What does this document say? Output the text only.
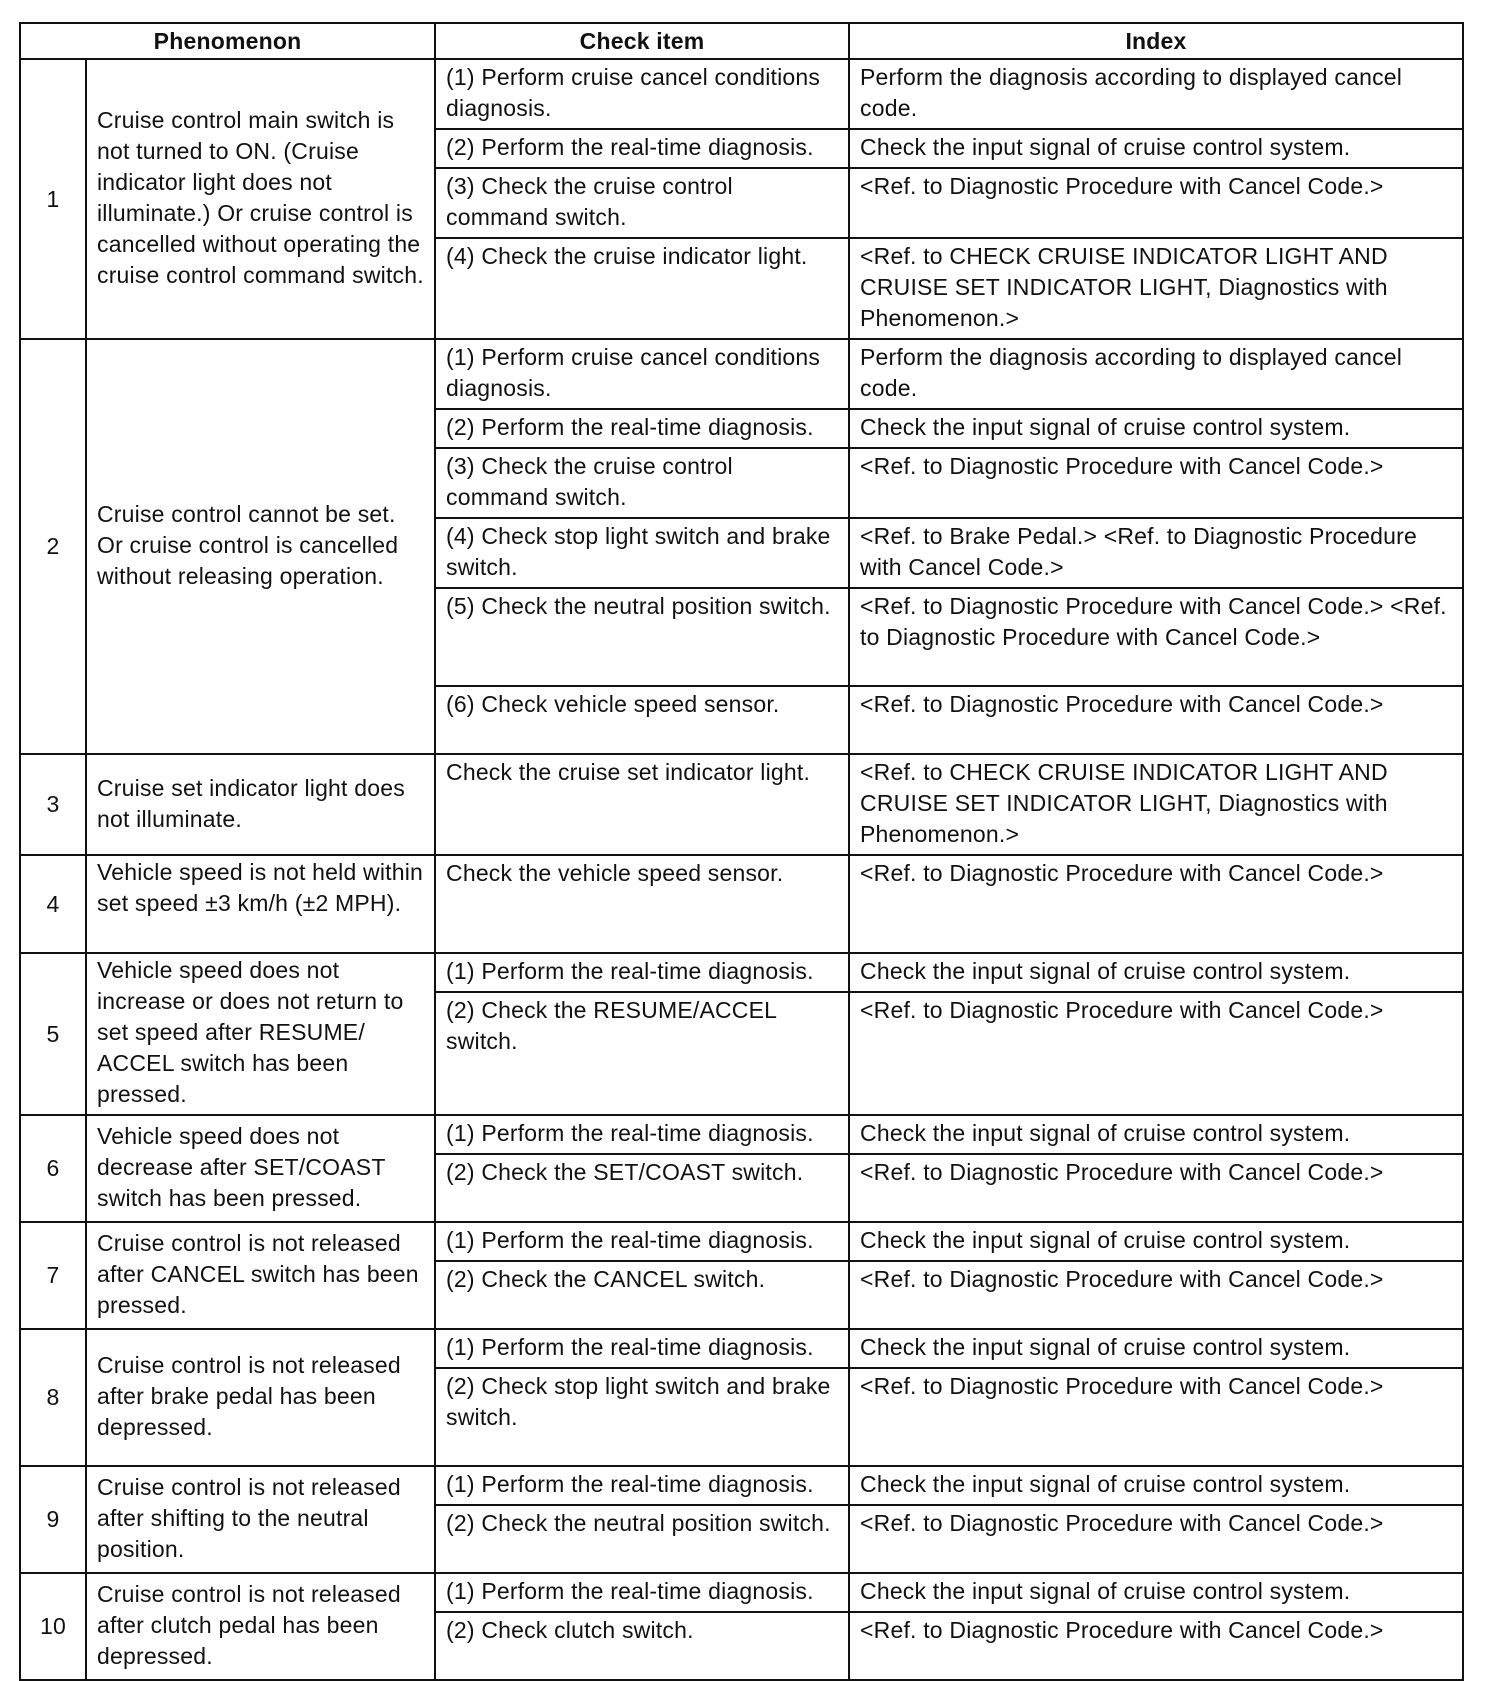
Phenomenon		Check item	Index
1	Cruise control main switch is not turned to ON. (Cruise indicator light does not illuminate.) Or cruise control is cancelled without operating the cruise control command switch.	(1) Perform cruise cancel conditions diagnosis.	Perform the diagnosis according to displayed cancel code.
		(2) Perform the real-time diagnosis.	Check the input signal of cruise control system.
		(3) Check the cruise control command switch.	<Ref. to Diagnostic Procedure with Cancel Code.>
		(4) Check the cruise indicator light.	<Ref. to CHECK CRUISE INDICATOR LIGHT AND CRUISE SET INDICATOR LIGHT, Diagnostics with Phenomenon.>
2	Cruise control cannot be set. Or cruise control is cancelled without releasing operation.	(1) Perform cruise cancel conditions diagnosis.	Perform the diagnosis according to displayed cancel code.
		(2) Perform the real-time diagnosis.	Check the input signal of cruise control system.
		(3) Check the cruise control command switch.	<Ref. to Diagnostic Procedure with Cancel Code.>
		(4) Check stop light switch and brake switch.	<Ref. to Brake Pedal.> <Ref. to Diagnostic Procedure with Cancel Code.>
		(5) Check the neutral position switch.	<Ref. to Diagnostic Procedure with Cancel Code.> <Ref. to Diagnostic Procedure with Cancel Code.>
		(6) Check vehicle speed sensor.	<Ref. to Diagnostic Procedure with Cancel Code.>
3	Cruise set indicator light does not illuminate.	Check the cruise set indicator light.	<Ref. to CHECK CRUISE INDICATOR LIGHT AND CRUISE SET INDICATOR LIGHT, Diagnostics with Phenomenon.>
4	Vehicle speed is not held within set speed ±3 km/h (±2 MPH).	Check the vehicle speed sensor.	<Ref. to Diagnostic Procedure with Cancel Code.>
5	Vehicle speed does not increase or does not return to set speed after RESUME/ ACCEL switch has been pressed.	(1) Perform the real-time diagnosis.	Check the input signal of cruise control system.
		(2) Check the RESUME/ACCEL switch.	<Ref. to Diagnostic Procedure with Cancel Code.>
6	Vehicle speed does not decrease after SET/COAST switch has been pressed.	(1) Perform the real-time diagnosis.	Check the input signal of cruise control system.
		(2) Check the SET/COAST switch.	<Ref. to Diagnostic Procedure with Cancel Code.>
7	Cruise control is not released after CANCEL switch has been pressed.	(1) Perform the real-time diagnosis.	Check the input signal of cruise control system.
		(2) Check the CANCEL switch.	<Ref. to Diagnostic Procedure with Cancel Code.>
8	Cruise control is not released after brake pedal has been depressed.	(1) Perform the real-time diagnosis.	Check the input signal of cruise control system.
		(2) Check stop light switch and brake switch.	<Ref. to Diagnostic Procedure with Cancel Code.>
9	Cruise control is not released after shifting to the neutral position.	(1) Perform the real-time diagnosis.	Check the input signal of cruise control system.
		(2) Check the neutral position switch.	<Ref. to Diagnostic Procedure with Cancel Code.>
10	Cruise control is not released after clutch pedal has been depressed.	(1) Perform the real-time diagnosis.	Check the input signal of cruise control system.
		(2) Check clutch switch.	<Ref. to Diagnostic Procedure with Cancel Code.>
